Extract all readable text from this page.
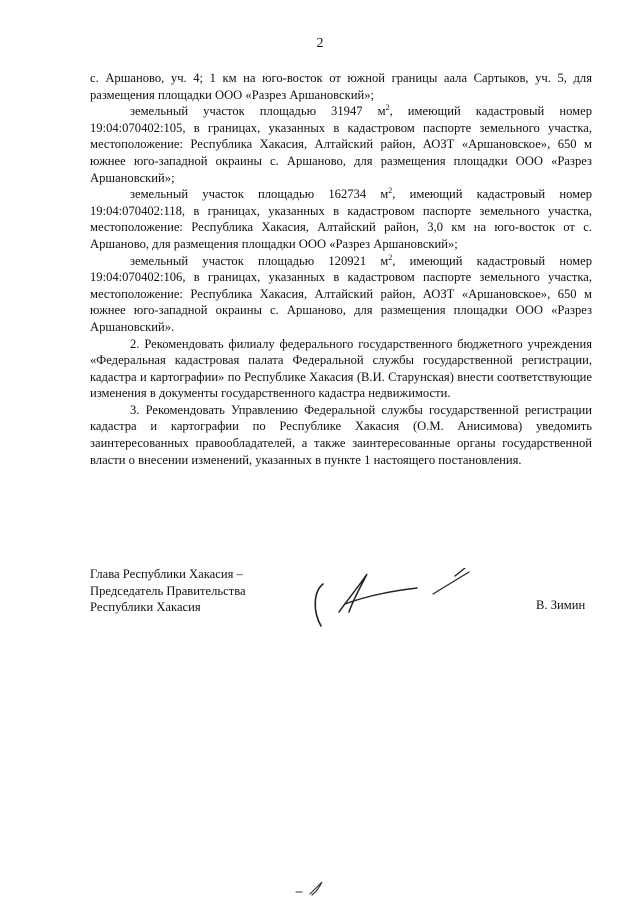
2

с. Аршаново, уч. 4; 1 км на юго-восток от южной границы аала Сартыков, уч. 5, для размещения площадки ООО «Разрез Аршановский»;

земельный участок площадью 31947 $м^2$, имеющий кадастровый номер 19:04:070402:105, в границах, указанных в кадастровом паспорте земельного участка, местоположение: Республика Хакасия, Алтайский район, АОЗТ «Аршановское», 650 м южнее юго-западной окраины с. Аршаново, для размещения площадки ООО «Разрез Аршановский»;

земельный участок площадью 162734 $м^2$, имеющий кадастровый номер 19:04:070402:118, в границах, указанных в кадастровом паспорте земельного участка, местоположение: Республика Хакасия, Алтайский район, 3,0 км на юго-восток от с. Аршаново, для размещения площадки ООО «Разрез Аршановский»;

земельный участок площадью 120921 $м^2$, имеющий кадастровый номер 19:04:070402:106, в границах, указанных в кадастровом паспорте земельного участка, местоположение: Республика Хакасия, Алтайский район, АОЗТ «Аршановское», 650 м южнее юго-западной окраины с. Аршаново, для размещения площадки ООО «Разрез Аршановский».

2. Рекомендовать филиалу федерального государственного бюджетного учреждения «Федеральная кадастровая палата Федеральной службы государственной регистрации, кадастра и картографии» по Республике Хакасия (В.И. Старунская) внести соответствующие изменения в документы государственного кадастра недвижимости.

3. Рекомендовать Управлению Федеральной службы государственной регистрации кадастра и картографии по Республике Хакасия (О.М. Анисимова) уведомить заинтересованных правообладателей, а также заинтересованные органы государственной власти о внесении изменений, указанных в пункте 1 настоящего постановления.

Глава Республики Хакасия –
Председатель Правительства
Республики Хакасия	В. Зимин
